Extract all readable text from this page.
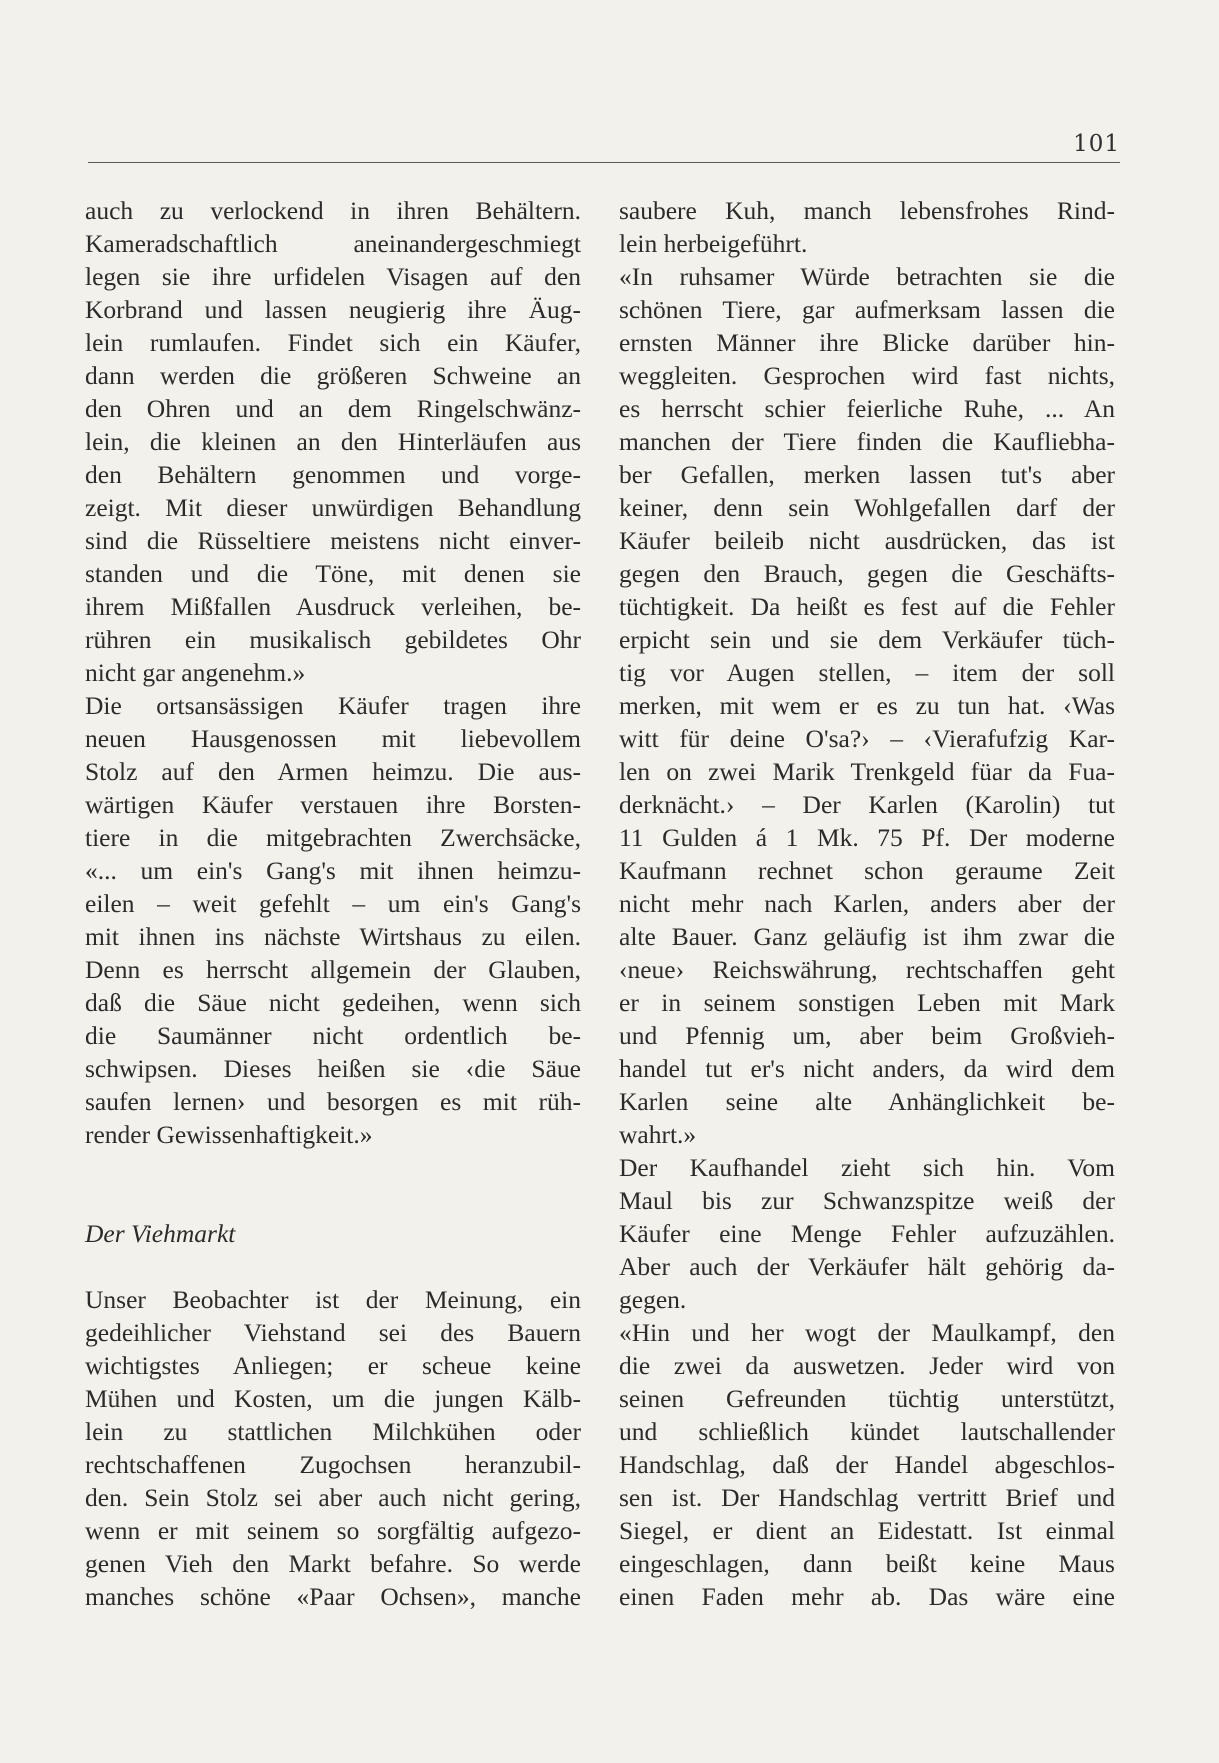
101
auch zu verlockend in ihren Behältern.
Kameradschaftlich aneinandergeschmiegt
legen sie ihre urfidelen Visagen auf den
Korbrand und lassen neugierig ihre Äug-
lein rumlaufen. Findet sich ein Käufer,
dann werden die größeren Schweine an
den Ohren und an dem Ringelschwänz-
lein, die kleinen an den Hinterläufen aus
den Behältern genommen und vorge-
zeigt. Mit dieser unwürdigen Behandlung
sind die Rüsseltiere meistens nicht einver-
standen und die Töne, mit denen sie
ihrem Mißfallen Ausdruck verleihen, be-
rühren ein musikalisch gebildetes Ohr
nicht gar angenehm.»
Die ortsansässigen Käufer tragen ihre
neuen Hausgenossen mit liebevollem
Stolz auf den Armen heimzu. Die aus-
wärtigen Käufer verstauen ihre Borsten-
tiere in die mitgebrachten Zwerchsäcke,
«... um ein's Gang's mit ihnen heimzu-
eilen – weit gefehlt – um ein's Gang's
mit ihnen ins nächste Wirtshaus zu eilen.
Denn es herrscht allgemein der Glauben,
daß die Säue nicht gedeihen, wenn sich
die Saumänner nicht ordentlich be-
schwipsen. Dieses heißen sie ‹die Säue
saufen lernen› und besorgen es mit rüh-
render Gewissenhaftigkeit.»
Der Viehmarkt
Unser Beobachter ist der Meinung, ein
gedeihlicher Viehstand sei des Bauern
wichtigstes Anliegen; er scheue keine
Mühen und Kosten, um die jungen Kälb-
lein zu stattlichen Milchkühen oder
rechtschaffenen Zugochsen heranzubil-
den. Sein Stolz sei aber auch nicht gering,
wenn er mit seinem so sorgfältig aufgezo-
genen Vieh den Markt befahre. So werde
manches schöne «Paar Ochsen», manche
saubere Kuh, manch lebensfrohes Rind-
lein herbeigeführt.
«In ruhsamer Würde betrachten sie die
schönen Tiere, gar aufmerksam lassen die
ernsten Männer ihre Blicke darüber hin-
weggleiten. Gesprochen wird fast nichts,
es herrscht schier feierliche Ruhe, ... An
manchen der Tiere finden die Kaufliebha-
ber Gefallen, merken lassen tut's aber
keiner, denn sein Wohlgefallen darf der
Käufer beileib nicht ausdrücken, das ist
gegen den Brauch, gegen die Geschäfts-
tüchtigkeit. Da heißt es fest auf die Fehler
erpicht sein und sie dem Verkäufer tüch-
tig vor Augen stellen, – item der soll
merken, mit wem er es zu tun hat. ‹Was
witt für deine O'sa?› – ‹Vierafufzig Kar-
len on zwei Marik Trenkgeld füar da Fua-
derknächt.› – Der Karlen (Karolin) tut
11 Gulden á 1 Mk. 75 Pf. Der moderne
Kaufmann rechnet schon geraume Zeit
nicht mehr nach Karlen, anders aber der
alte Bauer. Ganz geläufig ist ihm zwar die
‹neue› Reichswährung, rechtschaffen geht
er in seinem sonstigen Leben mit Mark
und Pfennig um, aber beim Großvieh-
handel tut er's nicht anders, da wird dem
Karlen seine alte Anhänglichkeit be-
wahrt.»
Der Kaufhandel zieht sich hin. Vom
Maul bis zur Schwanzspitze weiß der
Käufer eine Menge Fehler aufzuzählen.
Aber auch der Verkäufer hält gehörig da-
gegen.
«Hin und her wogt der Maulkampf, den
die zwei da auswetzen. Jeder wird von
seinen Gefreunden tüchtig unterstützt,
und schließlich kündet lautschallender
Handschlag, daß der Handel abgeschlos-
sen ist. Der Handschlag vertritt Brief und
Siegel, er dient an Eidestatt. Ist einmal
eingeschlagen, dann beißt keine Maus
einen Faden mehr ab. Das wäre eine
